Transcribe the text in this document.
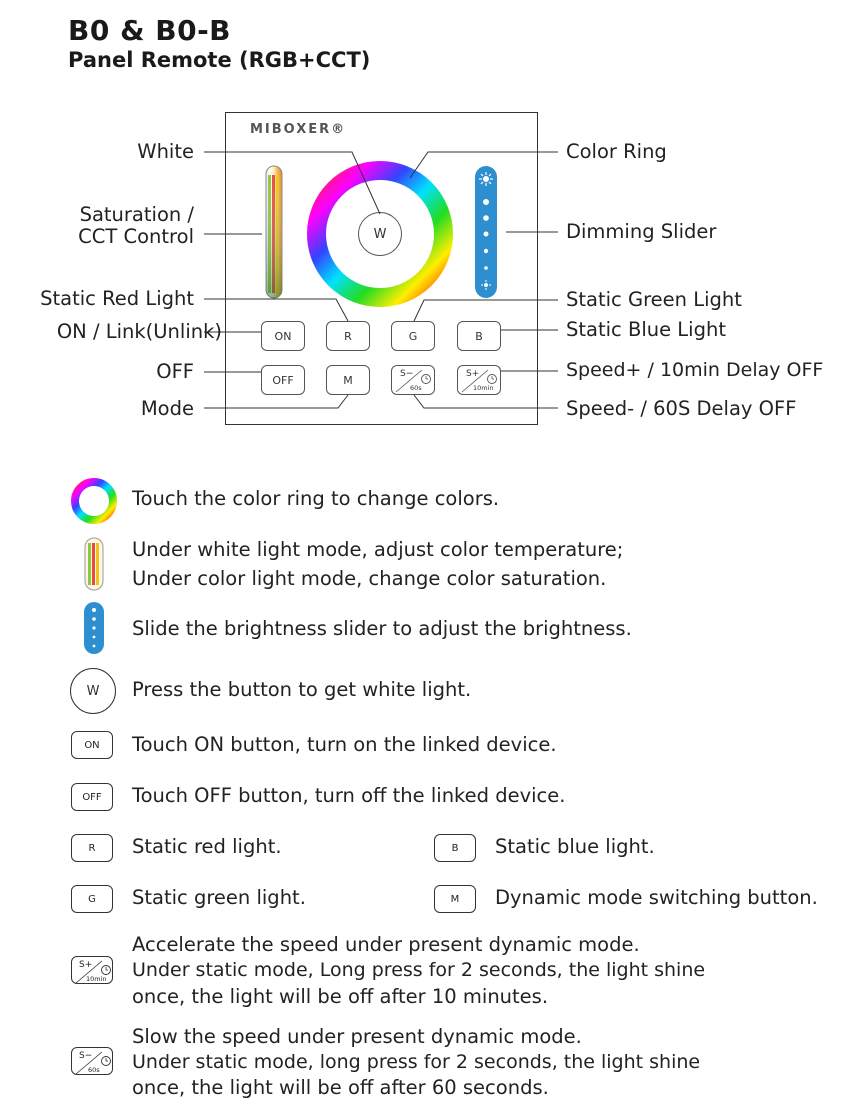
B0 & B0-B
Panel Remote (RGB+CCT)
MIBOXER®
W
ON	R	G	B
OFF	M	S−
60s
S+
10min
White
Saturation /
CCT Control
Static Red Light
ON / Link(Unlink)
OFF
Mode
Color Ring
Dimming Slider
Static Green Light
Static Blue Light
Speed+ / 10min Delay OFF
Speed- / 60S Delay OFF
W
ON
OFF
R
G
B
M
S+
10min
S−
60s
Touch the color ring to change colors.
Under white light mode, adjust color temperature;
Under color light mode, change color saturation.
Slide the brightness slider to adjust the brightness.
Press the button to get white light.
Touch ON button, turn on the linked device.
Touch OFF button, turn off the linked device.
Static red light.	Static blue light.
Static green light.	Dynamic mode switching button.
Accelerate the speed under present dynamic mode.
Under static mode, Long press for 2 seconds, the light shine
once, the light will be off after 10 minutes.
Slow the speed under present dynamic mode.
Under static mode, long press for 2 seconds, the light shine
once, the light will be off after 60 seconds.
